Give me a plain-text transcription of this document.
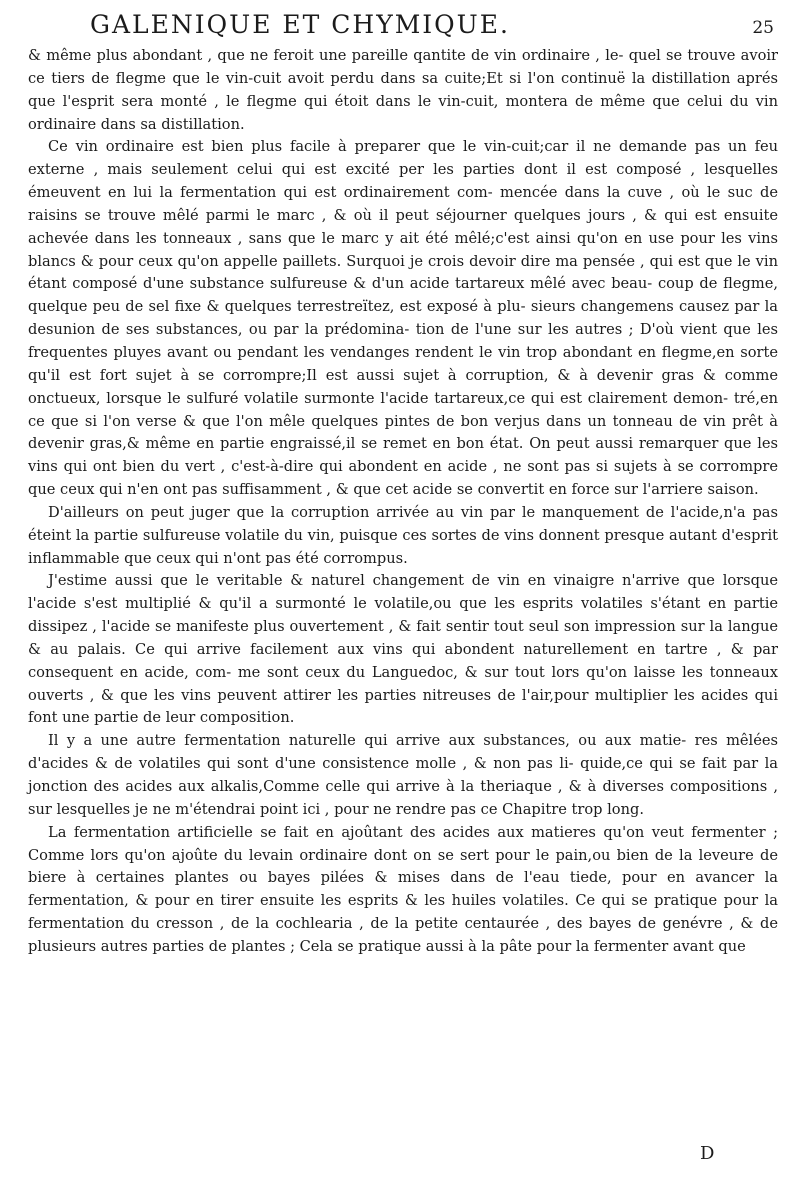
GALENIQUE ET CHYMIQUE.	25

& même plus abondant , que ne feroit une pareille qantite de vin ordinaire , le- quel se trouve avoir ce tiers de flegme que le vin-cuit avoit perdu dans sa cuite;Et si l'on continuë la distillation aprés que l'esprit sera monté , le flegme qui étoit dans le vin-cuit, montera de même que celui du vin ordinaire dans sa distillation.

Ce vin ordinaire est bien plus facile à preparer que le vin-cuit;car il ne demande pas un feu externe , mais seulement celui qui est excité per les parties dont il est composé , lesquelles émeuvent en lui la fermentation qui est ordinairement com- mencée dans la cuve , où le suc de raisins se trouve mêlé parmi le marc , & où il peut séjourner quelques jours , & qui est ensuite achevée dans les tonneaux , sans que le marc y ait été mêlé;c'est ainsi qu'on en use pour les vins blancs & pour ceux qu'on appelle paillets. Surquoi je crois devoir dire ma pensée , qui est que le vin étant composé d'une substance sulfureuse & d'un acide tartareux mêlé avec beau- coup de flegme, quelque peu de sel fixe & quelques terrestreïtez, est exposé à plu- sieurs changemens causez par la desunion de ses substances, ou par la prédomina- tion de l'une sur les autres ; D'où vient que les frequentes pluyes avant ou pendant les vendanges rendent le vin trop abondant en flegme,en sorte qu'il est fort sujet à se corrompre;Il est aussi sujet à corruption, & à devenir gras & comme onctueux, lorsque le sulfuré volatile surmonte l'acide tartareux,ce qui est clairement demon- tré,en ce que si l'on verse & que l'on mêle quelques pintes de bon verjus dans un tonneau de vin prêt à devenir gras,& même en partie engraissé,il se remet en bon état. On peut aussi remarquer que les vins qui ont bien du vert , c'est-à-dire qui abondent en acide , ne sont pas si sujets à se corrompre que ceux qui n'en ont pas suffisamment , & que cet acide se convertit en force sur l'arriere saison.

D'ailleurs on peut juger que la corruption arrivée au vin par le manquement de l'acide,n'a pas éteint la partie sulfureuse volatile du vin, puisque ces sortes de vins donnent presque autant d'esprit inflammable que ceux qui n'ont pas été corrompus.

J'estime aussi que le veritable & naturel changement de vin en vinaigre n'arrive que lorsque l'acide s'est multiplié & qu'il a surmonté le volatile,ou que les esprits volatiles s'étant en partie dissipez , l'acide se manifeste plus ouvertement , & fait sentir tout seul son impression sur la langue & au palais. Ce qui arrive facilement aux vins qui abondent naturellement en tartre , & par consequent en acide, com- me sont ceux du Languedoc, & sur tout lors qu'on laisse les tonneaux ouverts , & que les vins peuvent attirer les parties nitreuses de l'air,pour multiplier les acides qui font une partie de leur composition.

Il y a une autre fermentation naturelle qui arrive aux substances, ou aux matie- res mêlées d'acides & de volatiles qui sont d'une consistence molle , & non pas li- quide,ce qui se fait par la jonction des acides aux alkalis,Comme celle qui arrive à la theriaque , & à diverses compositions , sur lesquelles je ne m'étendrai point ici , pour ne rendre pas ce Chapitre trop long.

La fermentation artificielle se fait en ajoûtant des acides aux matieres qu'on veut fermenter ; Comme lors qu'on ajoûte du levain ordinaire dont on se sert pour le pain,ou bien de la leveure de biere à certaines plantes ou bayes pilées & mises dans de l'eau tiede, pour en avancer la fermentation, & pour en tirer ensuite les esprits & les huiles volatiles. Ce qui se pratique pour la fermentation du cresson , de la cochlearia , de la petite centaurée , des bayes de genévre , & de plusieurs autres parties de plantes ; Cela se pratique aussi à la pâte pour la fermenter avant que

D
